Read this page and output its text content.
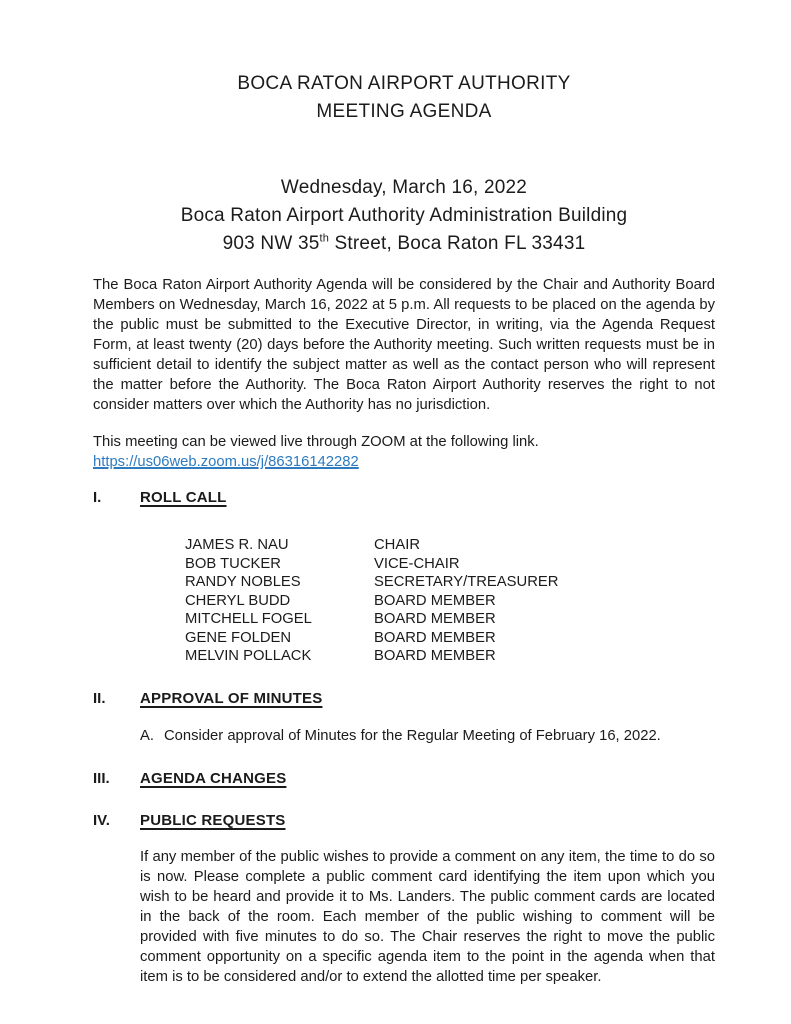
BOCA RATON AIRPORT AUTHORITY
MEETING AGENDA
Wednesday, March 16, 2022
Boca Raton Airport Authority Administration Building
903 NW 35th Street, Boca Raton FL 33431

The Boca Raton Airport Authority Agenda will be considered by the Chair and Authority Board Members on Wednesday, March 16, 2022 at 5 p.m. All requests to be placed on the agenda by the public must be submitted to the Executive Director, in writing, via the Agenda Request Form, at least twenty (20) days before the Authority meeting. Such written requests must be in sufficient detail to identify the subject matter as well as the contact person who will represent the matter before the Authority. The Boca Raton Airport Authority reserves the right to not consider matters over which the Authority has no jurisdiction.

This meeting can be viewed live through ZOOM at the following link.

https://us06web.zoom.us/j/86316142282
I.	ROLL CALL
JAMES R. NAU	CHAIR
BOB TUCKER	VICE-CHAIR
RANDY NOBLES	SECRETARY/TREASURER
CHERYL BUDD	BOARD MEMBER
MITCHELL FOGEL	BOARD MEMBER
GENE FOLDEN	BOARD MEMBER
MELVIN POLLACK	BOARD MEMBER
II.	APPROVAL OF MINUTES
A. Consider approval of Minutes for the Regular Meeting of February 16, 2022.
III.	AGENDA CHANGES
IV.	PUBLIC REQUESTS

If any member of the public wishes to provide a comment on any item, the time to do so is now. Please complete a public comment card identifying the item upon which you wish to be heard and provide it to Ms. Landers. The public comment cards are located in the back of the room. Each member of the public wishing to comment will be provided with five minutes to do so. The Chair reserves the right to move the public comment opportunity on a specific agenda item to the point in the agenda when that item is to be considered and/or to extend the allotted time per speaker.
